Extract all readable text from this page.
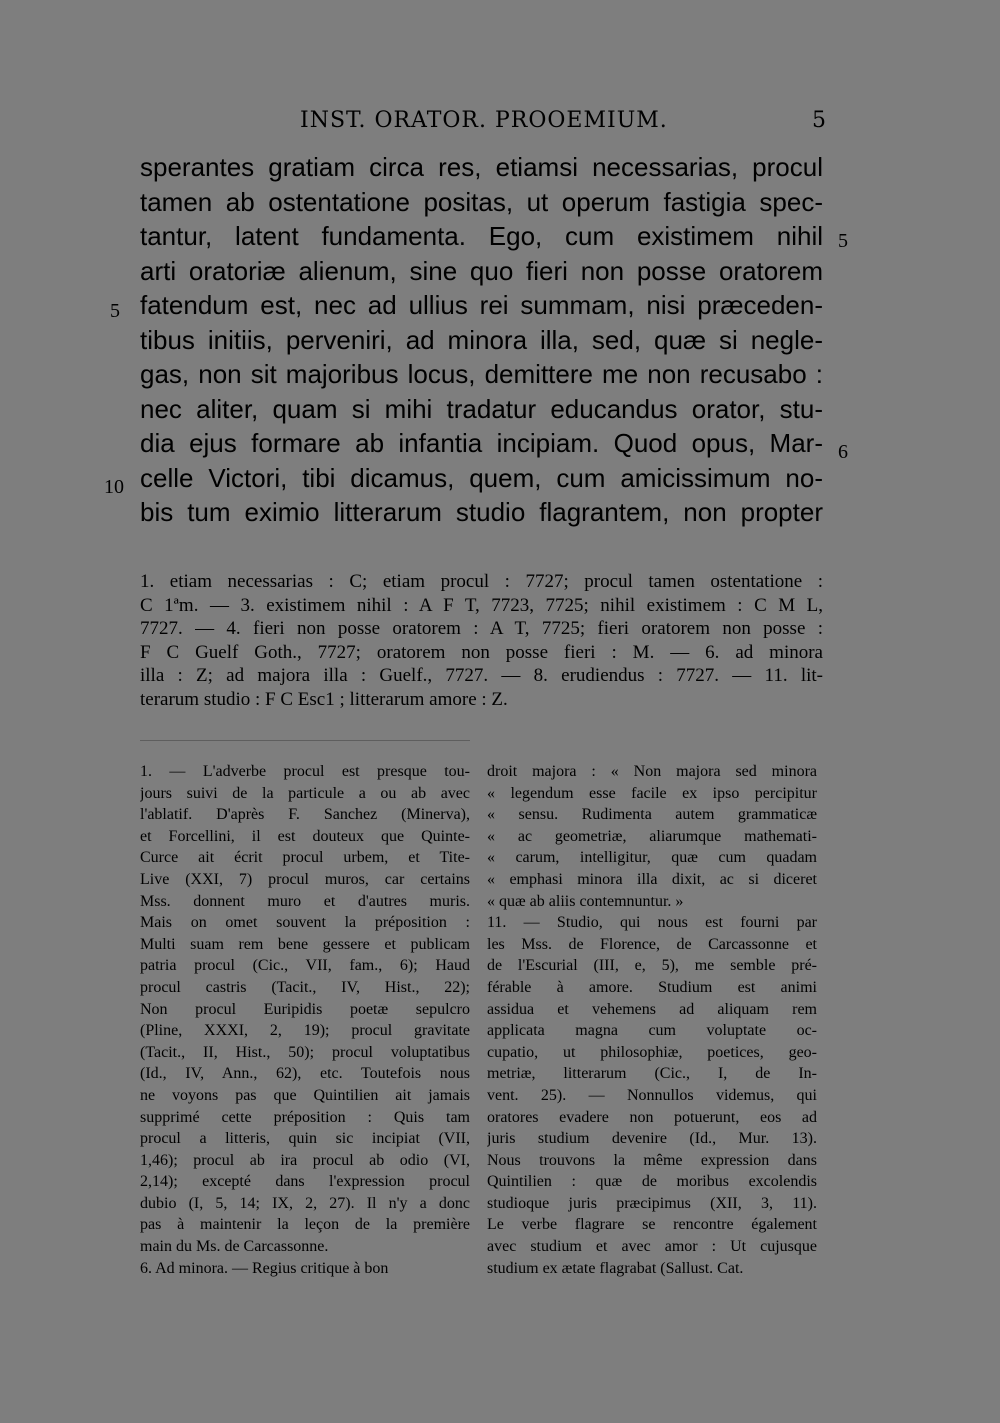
INST. ORATOR. PROOEMIUM.	5
sperantes gratiam circa res, etiamsi necessarias, procul
tamen ab ostentatione positas, ut operum fastigia spec-
tantur, latent fundamenta. Ego, cum existimem nihil
arti oratoriæ alienum, sine quo fieri non posse oratorem
fatendum est, nec ad ullius rei summam, nisi præceden-
tibus initiis, perveniri, ad minora illa, sed, quæ si negle-
gas, non sit majoribus locus, demittere me non recusabo :
nec aliter, quam si mihi tradatur educandus orator, stu-
dia ejus formare ab infantia incipiam. Quod opus, Mar-
celle Victori, tibi dicamus, quem, cum amicissimum no-
bis tum eximio litterarum studio flagrantem, non propter
5
10
5
6
1. etiam necessarias : C; etiam procul : 7727; procul tamen ostentatione :
C 1ªm. — 3. existimem nihil : A F T, 7723, 7725; nihil existimem : C M L,
7727. — 4. fieri non posse oratorem : A T, 7725; fieri oratorem non posse :
F C Guelf Goth., 7727; oratorem non posse fieri : M. — 6. ad minora
illa : Z; ad majora illa : Guelf., 7727. — 8. erudiendus : 7727. — 11. lit-
terarum studio : F C Esc1 ; litterarum amore : Z.
1. — L'adverbe procul est presque tou-
jours suivi de la particule a ou ab avec
l'ablatif. D'après F. Sanchez (Minerva),
et Forcellini, il est douteux que Quinte-
Curce ait écrit procul urbem, et Tite-
Live (XXI, 7) procul muros, car certains
Mss. donnent muro et d'autres muris.
Mais on omet souvent la préposition :
Multi suam rem bene gessere et publicam
patria procul (Cic., VII, fam., 6); Haud
procul castris (Tacit., IV, Hist., 22);
Non procul Euripidis poetæ sepulcro
(Pline, XXXI, 2, 19); procul gravitate
(Tacit., II, Hist., 50); procul voluptatibus
(Id., IV, Ann., 62), etc. Toutefois nous
ne voyons pas que Quintilien ait jamais
supprimé cette préposition : Quis tam
procul a litteris, quin sic incipiat (VII,
1,46); procul ab ira procul ab odio (VI,
2,14); excepté dans l'expression procul
dubio (I, 5, 14; IX, 2, 27). Il n'y a donc
pas à maintenir la leçon de la première
main du Ms. de Carcassonne.
6. Ad minora. — Regius critique à bon
droit majora : « Non majora sed minora
« legendum esse facile ex ipso percipitur
« sensu. Rudimenta autem grammaticæ
« ac geometriæ, aliarumque mathemati-
« carum, intelligitur, quæ cum quadam
« emphasi minora illa dixit, ac si diceret
« quæ ab aliis contemnuntur. »
11. — Studio, qui nous est fourni par
les Mss. de Florence, de Carcassonne et
de l'Escurial (III, e, 5), me semble pré-
férable à amore. Studium est animi
assidua et vehemens ad aliquam rem
applicata magna cum voluptate oc-
cupatio, ut philosophiæ, poetices, geo-
metriæ, litterarum (Cic., I, de In-
vent. 25). — Nonnullos videmus, qui
oratores evadere non potuerunt, eos ad
juris studium devenire (Id., Mur. 13).
Nous trouvons la même expression dans
Quintilien : quæ de moribus excolendis
studioque juris præcipimus (XII, 3, 11).
Le verbe flagrare se rencontre également
avec studium et avec amor : Ut cujusque
studium ex ætate flagrabat (Sallust. Cat.
